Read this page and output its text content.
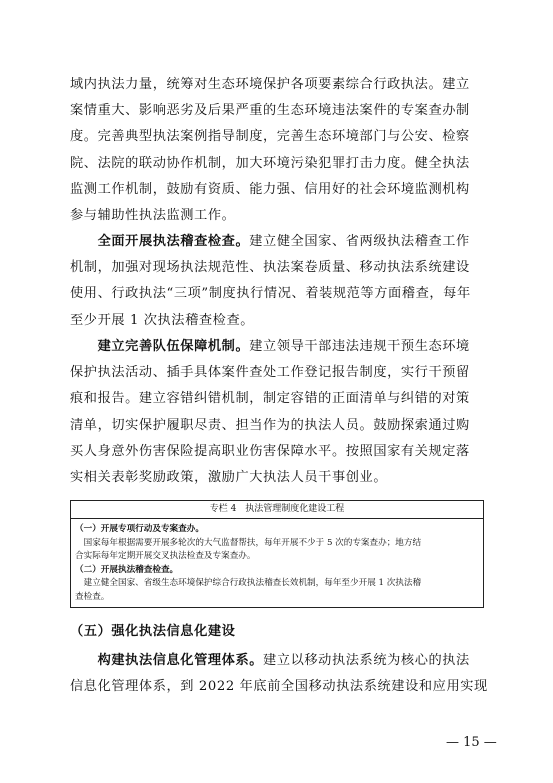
域内执法力量，统筹对生态环境保护各项要素综合行政执法。建立

案情重大、影响恶劣及后果严重的生态环境违法案件的专案查办制

度。完善典型执法案例指导制度，完善生态环境部门与公安、检察

院、法院的联动协作机制，加大环境污染犯罪打击力度。健全执法

监测工作机制，鼓励有资质、能力强、信用好的社会环境监测机构

参与辅助性执法监测工作。

　　全面开展执法稽查检查。建立健全国家、省两级执法稽查工作

机制，加强对现场执法规范性、执法案卷质量、移动执法系统建设

使用、行政执法“三项”制度执行情况、着装规范等方面稽查，每年

至少开展 1 次执法稽查检查。

　　建立完善队伍保障机制。建立领导干部违法违规干预生态环境

保护执法活动、插手具体案件查处工作登记报告制度，实行干预留

痕和报告。建立容错纠错机制，制定容错的正面清单与纠错的对策

清单，切实保护履职尽责、担当作为的执法人员。鼓励探索通过购

买人身意外伤害保险提高职业伤害保障水平。按照国家有关规定落

实相关表彰奖励政策，激励广大执法人员干事创业。

专栏 4　执法管理制度化建设工程
（一）开展专项行动及专案查办。
　国家每年根据需要开展多轮次的大气监督帮扶，每年开展不少于 5 次的专案查办；地方结
合实际每年定期开展交叉执法检查及专案查办。
（二）开展执法稽查检查。
　建立健全国家、省级生态环境保护综合行政执法稽查长效机制，每年至少开展 1 次执法稽
查检查。
（五）强化执法信息化建设

　　构建执法信息化管理体系。建立以移动执法系统为核心的执法

信息化管理体系，到 2022 年底前全国移动执法系统建设和应用实现

— 15 —
